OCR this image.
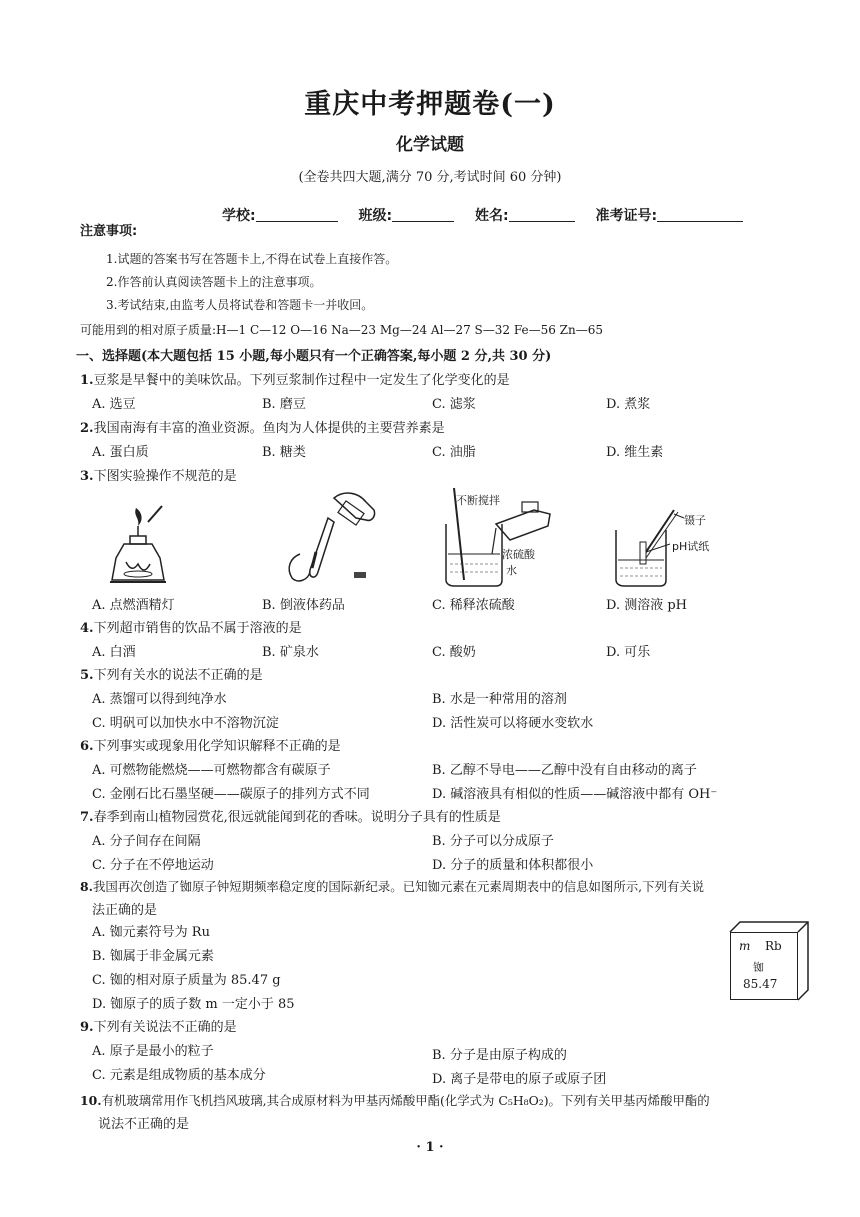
重庆中考押题卷(一)
化学试题
(全卷共四大题,满分 70 分,考试时间 60 分钟)
学校:	班级:	姓名:	准考证号:
注意事项:
1.试题的答案书写在答题卡上,不得在试卷上直接作答。
2.作答前认真阅读答题卡上的注意事项。
3.考试结束,由监考人员将试卷和答题卡一并收回。
可能用到的相对原子质量:H—1 C—12 O—16 Na—23 Mg—24 Al—27 S—32 Fe—56 Zn—65
一、选择题(本大题包括 15 小题,每小题只有一个正确答案,每小题 2 分,共 30 分)
1.豆浆是早餐中的美味饮品。下列豆浆制作过程中一定发生了化学变化的是
A. 选豆	B. 磨豆	C. 滤浆	D. 煮浆
2.我国南海有丰富的渔业资源。鱼肉为人体提供的主要营养素是
A. 蛋白质	B. 糖类	C. 油脂	D. 维生素
3.下图实验操作不规范的是
不断搅拌
浓硫酸
水
镊子
pH试纸
A. 点燃酒精灯	B. 倒液体药品	C. 稀释浓硫酸	D. 测溶液 pH
4.下列超市销售的饮品不属于溶液的是
A. 白酒	B. 矿泉水	C. 酸奶	D. 可乐
5.下列有关水的说法不正确的是
A. 蒸馏可以得到纯净水	B. 水是一种常用的溶剂
C. 明矾可以加快水中不溶物沉淀	D. 活性炭可以将硬水变软水
6.下列事实或现象用化学知识解释不正确的是
A. 可燃物能燃烧——可燃物都含有碳原子	B. 乙醇不导电——乙醇中没有自由移动的离子
C. 金刚石比石墨坚硬——碳原子的排列方式不同	D. 碱溶液具有相似的性质——碱溶液中都有 OH⁻
7.春季到南山植物园赏花,很远就能闻到花的香味。说明分子具有的性质是
A. 分子间存在间隔	B. 分子可以分成原子
C. 分子在不停地运动	D. 分子的质量和体积都很小
8.我国再次创造了铷原子钟短期频率稳定度的国际新纪录。已知铷元素在元素周期表中的信息如图所示,下列有关说
法正确的是
A. 铷元素符号为 Ru
B. 铷属于非金属元素
C. 铷的相对原子质量为 85.47 g
D. 铷原子的质子数 m 一定小于 85
m Rb
铷
85.47
9.下列有关说法不正确的是
A. 原子是最小的粒子	B. 分子是由原子构成的
C. 元素是组成物质的基本成分	D. 离子是带电的原子或原子团
10.有机玻璃常用作飞机挡风玻璃,其合成原材料为甲基丙烯酸甲酯(化学式为 C₅H₈O₂)。下列有关甲基丙烯酸甲酯的
说法不正确的是
· 1 ·
